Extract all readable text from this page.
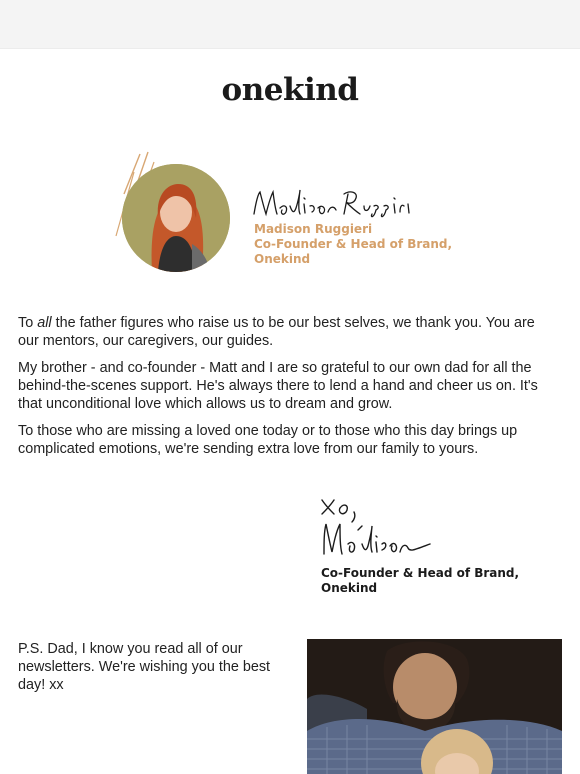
onekind
Madison Ruggieri
Co-Founder & Head of Brand,
Onekind

To all the father figures who raise us to be our best selves, we thank you. You are our mentors, our caregivers, our guides.

My brother - and co-founder - Matt and I are so grateful to our own dad for all the behind-the-scenes support. He's always there to lend a hand and cheer us on. It's that unconditional love which allows us to dream and grow.

To those who are missing a loved one today or to those who this day brings up complicated emotions, we're sending extra love from our family to yours.

Co-Founder & Head of Brand,
Onekind
P.S. Dad, I know you read all of our newsletters. We're wishing you the best day! xx
